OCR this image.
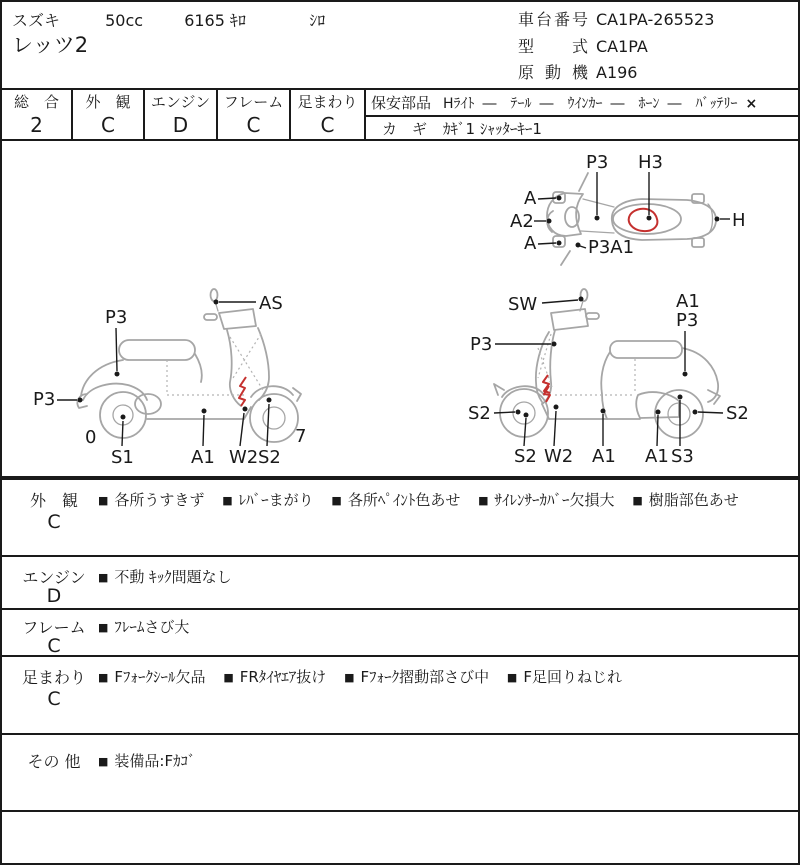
スズキ	50cc	6165 ｷﾛ	ｼﾛ
レッツ2
車台番号 CA1PA-265523
型 式 CA1PA
原 動 機 A196
総　合
2
外　観
C
エンジン
D
フレーム
C
足まわり
C
保安部品 Hﾗｲﾄ ― ﾃｰﾙ ― ｳｲﾝｶｰ ― ﾎｰﾝ ― ﾊﾞｯﾃﾘｰ ×
カ　ギ ｶｷﾞ1 ｼｬｯﾀｰｷｰ1
P3 H3
A
A2
A	P3A1
H
AS
P3
P3
0
S1	A1 W2 S2
7
SW
P3
A1
P3
S2
S2 W2 A1 A1 S3
S2
外　観
C
■ 各所うすきず ■ ﾚﾊﾞｰまがり ■ 各所ﾍﾟｲﾝﾄ色あせ ■ ｻｲﾚﾝｻｰｶﾊﾞｰ欠損大 ■ 樹脂部色あせ
エンジン
D
■ 不動 ｷｯｸ問題なし
フレーム
C
■ ﾌﾚｰﾑさび大
足まわり
C
■ Fﾌｫｰｸｼｰﾙ欠品 ■ FRﾀｲﾔｴｱ抜け ■ Fﾌｫｰｸ摺動部さび中 ■ F足回りねじれ
その 他	■ 装備品:Fｶｺﾞ
